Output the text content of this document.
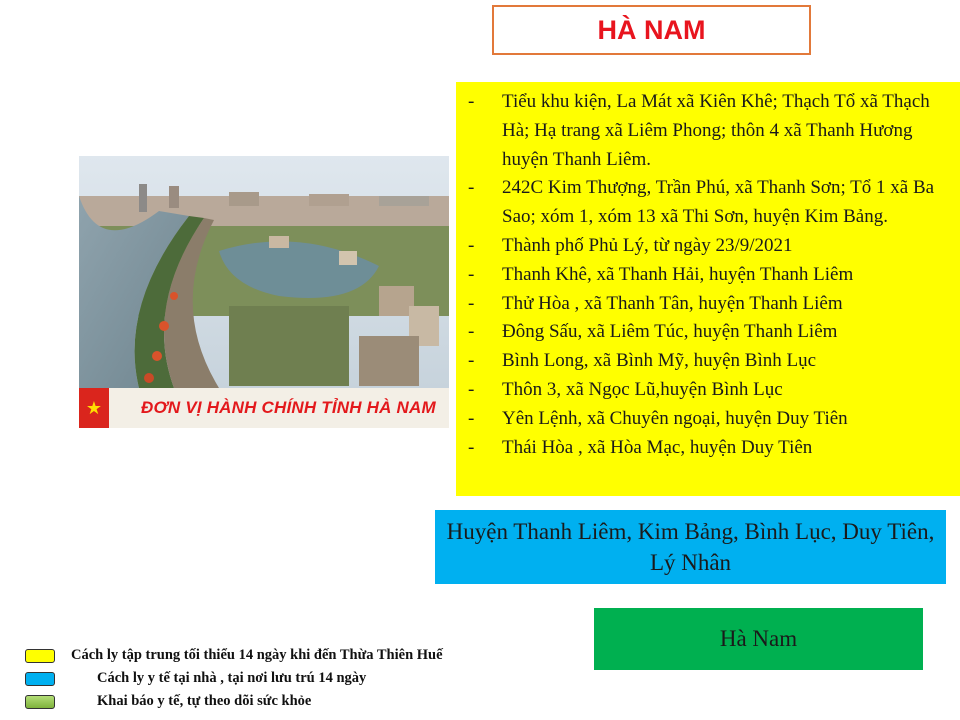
HÀ NAM
★	ĐƠN VỊ HÀNH CHÍNH TỈNH HÀ NAM
- Tiểu khu kiện, La Mát xã Kiên Khê; Thạch Tổ xã Thạch Hà; Hạ trang xã Liêm Phong; thôn 4 xã Thanh Hương huyện Thanh Liêm.
- 242C Kim Thượng, Trần Phú, xã Thanh Sơn; Tổ 1 xã Ba Sao; xóm 1, xóm 13 xã Thi Sơn, huyện Kim Bảng.
- Thành phố Phủ Lý, từ ngày 23/9/2021
- Thanh Khê, xã Thanh Hải, huyện Thanh Liêm
- Thử Hòa , xã Thanh Tân, huyện Thanh Liêm
- Đông Sấu, xã Liêm Túc, huyện Thanh Liêm
- Bình Long, xã Bình Mỹ, huyện Bình Lục
- Thôn 3, xã Ngọc Lũ,huyện Bình Lục
- Yên Lệnh, xã Chuyên ngoại, huyện Duy Tiên
- Thái Hòa , xã Hòa Mạc, huyện Duy Tiên
Huyện Thanh Liêm, Kim Bảng, Bình Lục, Duy Tiên, Lý Nhân
Hà Nam
Cách ly tập trung tối thiểu 14 ngày khi đến Thừa Thiên Huế
Cách ly y tế tại nhà , tại nơi lưu trú 14 ngày
Khai báo y tế, tự theo dõi sức khỏe
